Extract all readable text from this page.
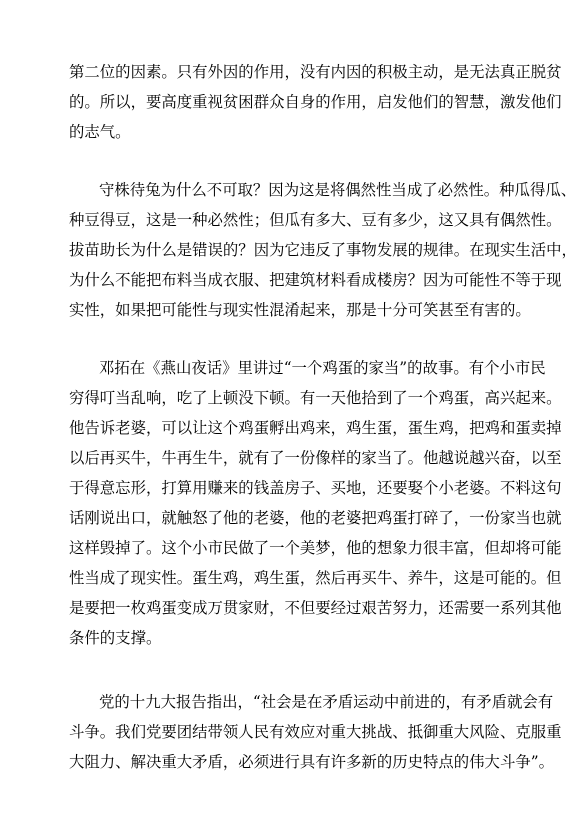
第二位的因素。只有外因的作用，没有内因的积极主动，是无法真正脱贫
的。所以，要高度重视贫困群众自身的作用，启发他们的智慧，激发他们
的志气。
守株待兔为什么不可取？因为这是将偶然性当成了必然性。种瓜得瓜、
种豆得豆，这是一种必然性；但瓜有多大、豆有多少，这又具有偶然性。
拔苗助长为什么是错误的？因为它违反了事物发展的规律。在现实生活中，
为什么不能把布料当成衣服、把建筑材料看成楼房？因为可能性不等于现
实性，如果把可能性与现实性混淆起来，那是十分可笑甚至有害的。
邓拓在《燕山夜话》里讲过“一个鸡蛋的家当”的故事。有个小市民
穷得叮当乱响，吃了上顿没下顿。有一天他拾到了一个鸡蛋，高兴起来。
他告诉老婆，可以让这个鸡蛋孵出鸡来，鸡生蛋，蛋生鸡，把鸡和蛋卖掉
以后再买牛，牛再生牛，就有了一份像样的家当了。他越说越兴奋，以至
于得意忘形，打算用赚来的钱盖房子、买地，还要娶个小老婆。不料这句
话刚说出口，就触怒了他的老婆，他的老婆把鸡蛋打碎了，一份家当也就
这样毁掉了。这个小市民做了一个美梦，他的想象力很丰富，但却将可能
性当成了现实性。蛋生鸡，鸡生蛋，然后再买牛、养牛，这是可能的。但
是要把一枚鸡蛋变成万贯家财，不但要经过艰苦努力，还需要一系列其他
条件的支撑。
党的十九大报告指出，“社会是在矛盾运动中前进的，有矛盾就会有
斗争。我们党要团结带领人民有效应对重大挑战、抵御重大风险、克服重
大阻力、解决重大矛盾，必须进行具有许多新的历史特点的伟大斗争”。
